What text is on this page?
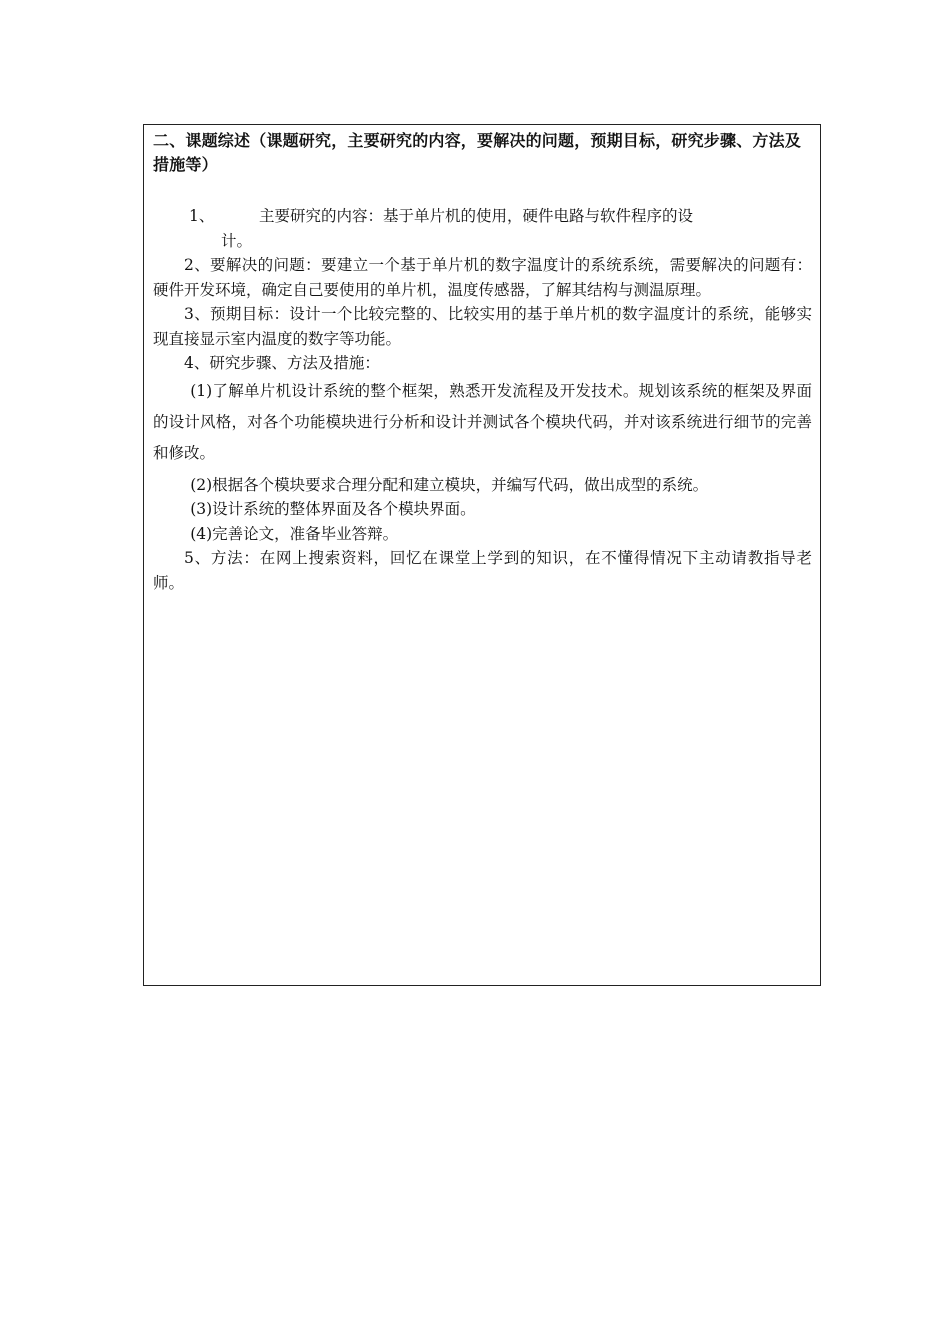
二、课题综述（课题研究，主要研究的内容，要解决的问题，预期目标，研究步骤、方法及措施等）

1、	主要研究的内容：基于单片机的使用，硬件电路与软件程序的设
计。

2、要解决的问题：要建立一个基于单片机的数字温度计的系统系统，需要解决的问题有：硬件开发环境，确定自己要使用的单片机，温度传感器，了解其结构与测温原理。

3、预期目标：设计一个比较完整的、比较实用的基于单片机的数字温度计的系统，能够实现直接显示室内温度的数字等功能。

4、研究步骤、方法及措施：

(1)了解单片机设计系统的整个框架，熟悉开发流程及开发技术。规划该系统的框架及界面的设计风格，对各个功能模块进行分析和设计并测试各个模块代码，并对该系统进行细节的完善和修改。

(2)根据各个模块要求合理分配和建立模块，并编写代码，做出成型的系统。

(3)设计系统的整体界面及各个模块界面。

(4)完善论文，准备毕业答辩。

5、方法：在网上搜索资料，回忆在课堂上学到的知识，在不懂得情况下主动请教指导老师。
